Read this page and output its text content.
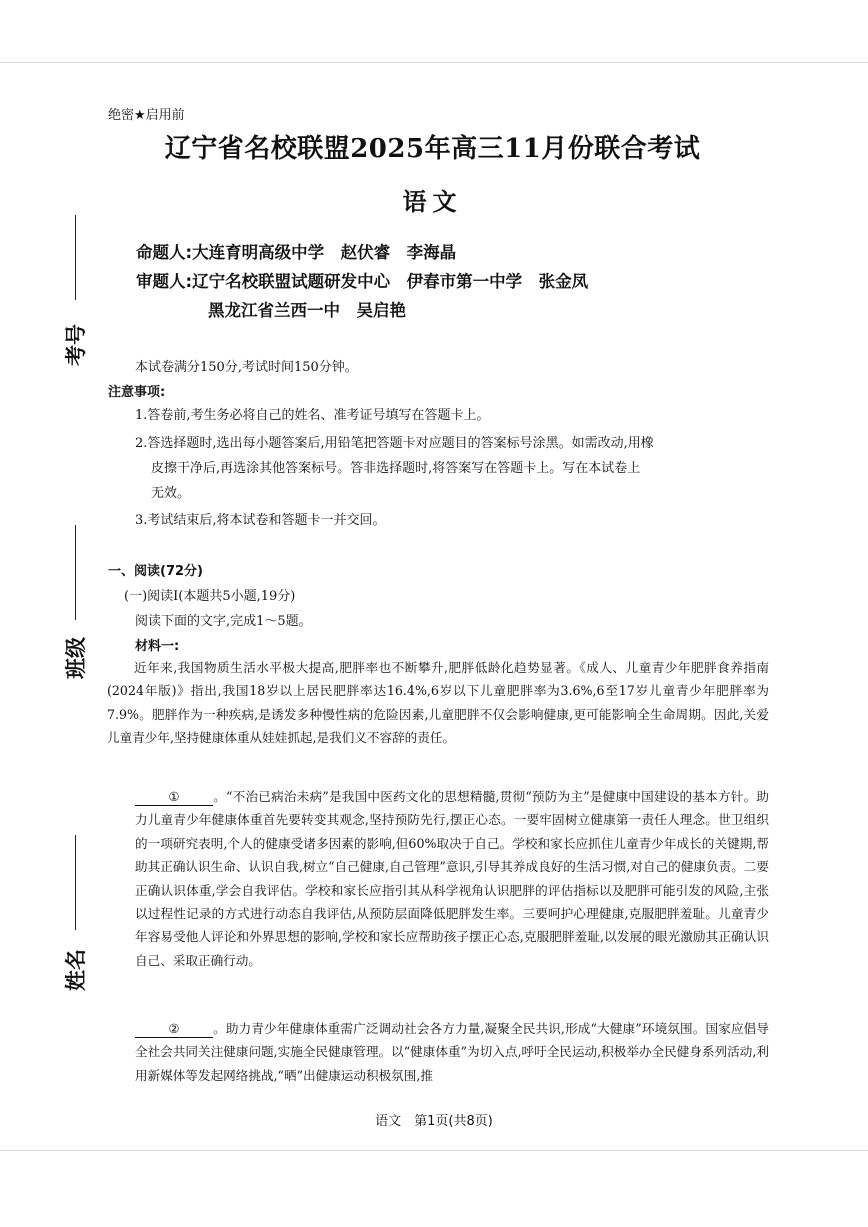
考号
班级
姓名
绝密★启用前
辽宁省名校联盟2025年高三11月份联合考试
语文
命题人:大连育明高级中学　赵伏睿　李海晶
审题人:辽宁名校联盟试题研发中心　伊春市第一中学　张金凤
黑龙江省兰西一中　吴启艳
本试卷满分150分,考试时间150分钟。
注意事项:
1.答卷前,考生务必将自己的姓名、准考证号填写在答题卡上。
2.答选择题时,选出每小题答案后,用铅笔把答题卡对应题目的答案标号涂黑。如需改动,用橡
皮擦干净后,再选涂其他答案标号。答非选择题时,将答案写在答题卡上。写在本试卷上
无效。
3.考试结束后,将本试卷和答题卡一并交回。
一、阅读(72分)
(一)阅读Ⅰ(本题共5小题,19分)
阅读下面的文字,完成1～5题。
材料一:
近年来,我国物质生活水平极大提高,肥胖率也不断攀升,肥胖低龄化趋势显著。《成人、儿童青少年肥胖食养指南(2024年版)》指出,我国18岁以上居民肥胖率达16.4%,6岁以下儿童肥胖率为3.6%,6至17岁儿童青少年肥胖率为7.9%。肥胖作为一种疾病,是诱发多种慢性病的危险因素,儿童肥胖不仅会影响健康,更可能影响全生命周期。因此,关爱儿童青少年,坚持健康体重从娃娃抓起,是我们义不容辞的责任。
①	。“不治已病治未病”是我国中医药文化的思想精髓,贯彻“预防为主”是健康中国建设的基本方针。助力儿童青少年健康体重首先要转变其观念,坚持预防先行,摆正心态。一要牢固树立健康第一责任人理念。世卫组织的一项研究表明,个人的健康受诸多因素的影响,但60%取决于自己。学校和家长应抓住儿童青少年成长的关键期,帮助其正确认识生命、认识自我,树立“自己健康,自己管理”意识,引导其养成良好的生活习惯,对自己的健康负责。二要正确认识体重,学会自我评估。学校和家长应指引其从科学视角认识肥胖的评估指标以及肥胖可能引发的风险,主张以过程性记录的方式进行动态自我评估,从预防层面降低肥胖发生率。三要呵护心理健康,克服肥胖羞耻。儿童青少年容易受他人评论和外界思想的影响,学校和家长应帮助孩子摆正心态,克服肥胖羞耻,以发展的眼光激励其正确认识自己、采取正确行动。
②	。助力青少年健康体重需广泛调动社会各方力量,凝聚全民共识,形成“大健康”环境氛围。国家应倡导全社会共同关注健康问题,实施全民健康管理。以“健康体重”为切入点,呼吁全民运动,积极举办全民健身系列活动,利用新媒体等发起网络挑战,“晒”出健康运动积极氛围,推
语文　第1页(共8页)
